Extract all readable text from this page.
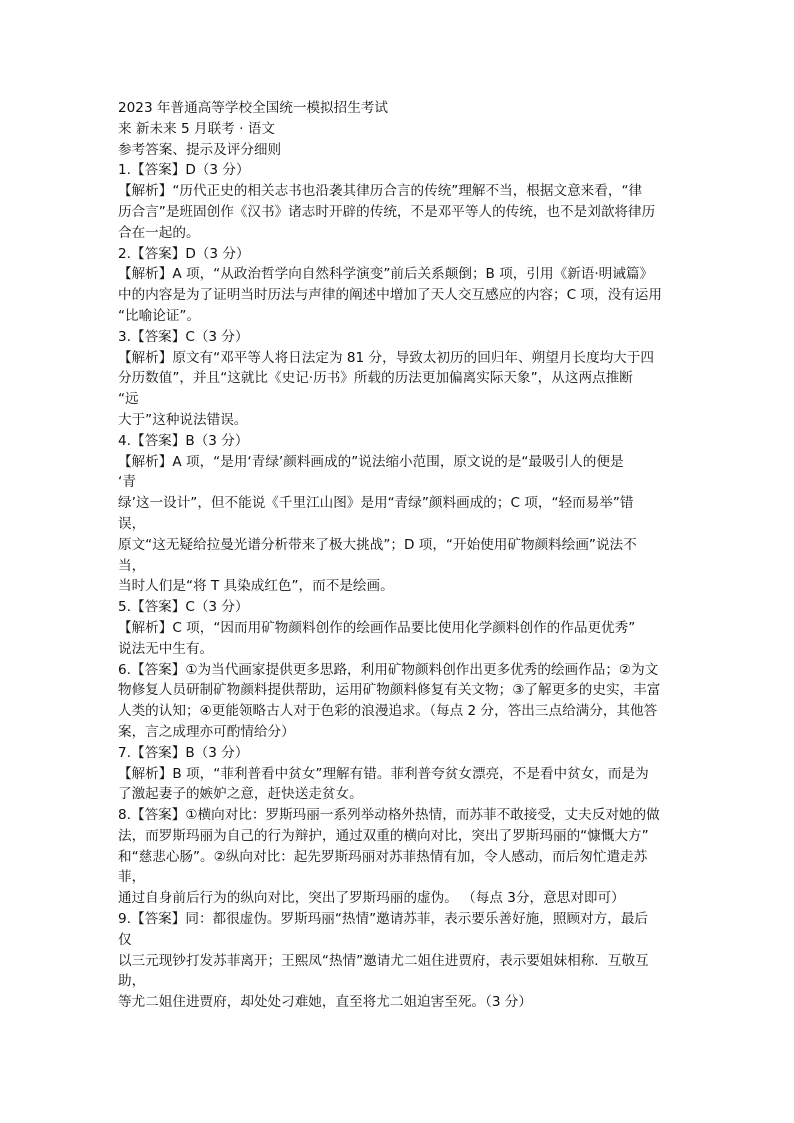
2023 年普通高等学校全国统一模拟招生考试
来 新未来 5 月联考 · 语文
参考答案、提示及评分细则
1.【答案】D（3 分）
【解析】“历代正史的相关志书也沿袭其律历合言的传统”理解不当，根据文意来看，“律
历合言”是班固创作《汉书》诸志时开辟的传统，不是邓平等人的传统，也不是刘歆将律历
合在一起的。
2.【答案】D（3 分）
【解析】A 项，“从政治哲学向自然科学演变”前后关系颠倒；B 项，引用《新语·明诫篇》
中的内容是为了证明当时历法与声律的阐述中增加了天人交互感应的内容；C 项，没有运用
“比喻论证”。
3.【答案】C（3 分）
【解析】原文有“邓平等人将日法定为 81 分，导致太初历的回归年、朔望月长度均大于四
分历数值”，并且“这就比《史记·历书》所载的历法更加偏离实际天象”，从这两点推断
“远
大于”这种说法错误。
4.【答案】B（3 分）
【解析】A 项，“是用‘青绿’颜料画成的”说法缩小范围，原文说的是“最吸引人的便是
‘青
绿’这一设计”，但不能说《千里江山图》是用“青绿”颜料画成的；C 项，“轻而易举”错
误，
原文“这无疑给拉曼光谱分析带来了极大挑战”；D 项，“开始使用矿物颜料绘画”说法不
当，
当时人们是“将 T 具染成红色”，而不是绘画。
5.【答案】C（3 分）
【解析】C 项，“因而用矿物颜料创作的绘画作品要比使用化学颜料创作的作品更优秀”
说法无中生有。
6.【答案】①为当代画家提供更多思路，利用矿物颜料创作出更多优秀的绘画作品；②为文
物修复人员研制矿物颜料提供帮助，运用矿物颜料修复有关文物；③了解更多的史实，丰富
人类的认知；④更能领略古人对于色彩的浪漫追求。（每点 2 分，答出三点给满分，其他答
案，言之成理亦可酌情给分）
7.【答案】B（3 分）
【解析】B 项，“菲利普看中贫女”理解有错。菲利普夸贫女漂亮，不是看中贫女，而是为
了激起妻子的嫉妒之意，赶快送走贫女。
8.【答案】①横向对比：罗斯玛丽一系列举动格外热情，而苏菲不敢接受，丈夫反对她的做
法，而罗斯玛丽为自己的行为辩护，通过双重的横向对比，突出了罗斯玛丽的“慷慨大方”
和“慈悲心肠”。②纵向对比：起先罗斯玛丽对苏菲热情有加，令人感动，而后匆忙遣走苏
菲，
通过自身前后行为的纵向对比，突出了罗斯玛丽的虚伪。 （每点 3分，意思对即可）
9.【答案】同：都很虚伪。罗斯玛丽“热情”邀请苏菲，表示要乐善好施，照顾对方，最后
仅
以三元现钞打发苏菲离开；王熙凤“热情”邀请尤二姐住进贾府，表示要姐妹相称．互敬互
助，
等尤二姐住进贾府，却处处刁难她，直至将尤二姐迫害至死。（3 分）
